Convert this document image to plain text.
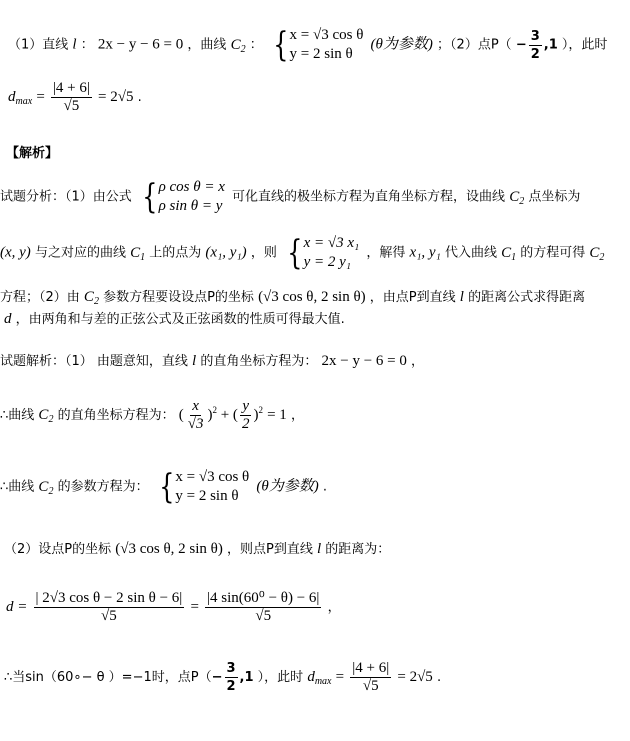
（1）直线 l ： 2x − y − 6 = 0 ，曲线 $C_2$ ： { x = √3 cos θ
y = 2 sin θ
(θ为参数) ；（2）点$P( - \frac{3}{2} ,1$ ），此时
$d_{max} = \frac{|4 + 6|}{√5} = 2√5$ .
【解析】
试题分析：（1）由公式 { ρ cos θ = x
ρ sin θ = y
可化直线的极坐标方程为直角坐标方程，设曲线 $C_2$ 点坐标为
(x, y) 与之对应的曲线 $C_1$ 上的点为 (x₁, y₁) ，则 { x = √3 x₁
y = 2 y₁
，解得 x₁, y₁ 代入曲线 $C_1$ 的方程可得 $C_2$
方程；（2）由 $C_2$ 参数方程要设设点P的坐标 (√3 cos θ, 2 sin θ) ，由点P到直线 l 的距离公式求得距离
d ，由两角和与差的正弦公式及正弦函数的性质可得最大值.
试题解析：（1） 由题意知，直线 l 的直角坐标方程为： 2x − y − 6 = 0 ，
∴曲线 $C_2$ 的直角坐标方程为： ( $\frac{x}{√3} )^2$ + ( $\frac{y}{2} )^2 = 1$ ，
∴曲线 $C_2$ 的参数方程为： { x = √3 cos θ
y = 2 sin θ
(θ为参数) .
（2）设点P的坐标 (√3 cos θ, 2 sin θ) ，则点P到直线 l 的距离为：
$d = \frac{\text{| 2√3 cos θ − 2 sin θ − 6|}}{√5} = \frac{\text{|4 sin(60⁰ − θ) − 6|}}{√5}$ ，
∴当sin（60∘− θ ）=−1时，点$P(- \frac{3}{2} ,1$ ），此时 $d_{max} = \frac{|4 + 6|}{√5} = 2√5$ .
